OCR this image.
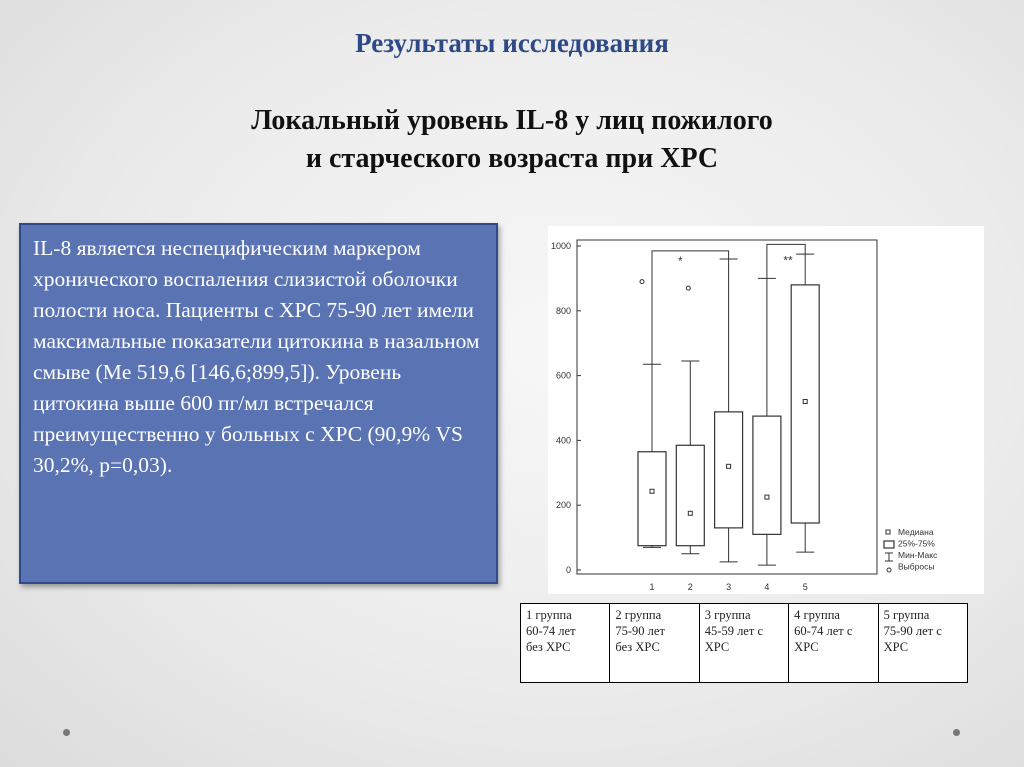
Результаты исследования
Локальный уровень IL-8 у лиц пожилого
и старческого возраста при ХРС
IL-8 является неспецифическим маркером хронического воспаления слизистой оболочки полости носа. Пациенты с ХРС 75-90 лет имели максимальные показатели цитокина в назальном смыве (Me 519,6 [146,6;899,5]). Уровень цитокина выше 600 пг/мл встречался преимущественно у больных с ХРС (90,9% VS 30,2%, p=0,03).
0
200
400
600
800
1000
1	2	3	4	5
*	**
Медиана
25%-75%
Мин-Макс
Выбросы
1 группа
60-74 лет
без ХРС	2 группа
75-90 лет
без ХРС	3 группа
45-59 лет с
ХРС	4 группа
60-74 лет с
ХРС	5 группа
75-90 лет с
ХРС
